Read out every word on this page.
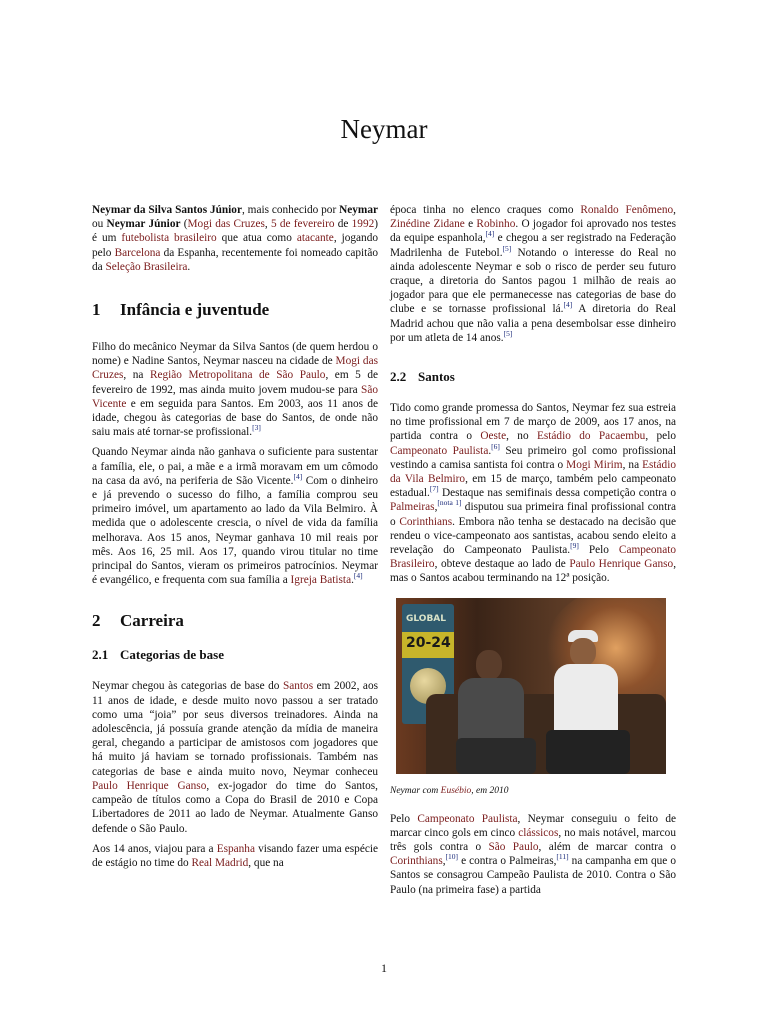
Neymar

Neymar da Silva Santos Júnior, mais conhecido por Neymar ou Neymar Júnior (Mogi das Cruzes, 5 de fevereiro de 1992) é um futebolista brasileiro que atua como atacante, jogando pelo Barcelona da Espanha, recentemente foi nomeado capitão da Seleção Brasileira.

1 Infância e juventude

Filho do mecânico Neymar da Silva Santos (de quem herdou o nome) e Nadine Santos, Neymar nasceu na cidade de Mogi das Cruzes, na Região Metropolitana de São Paulo, em 5 de fevereiro de 1992, mas ainda muito jovem mudou-se para São Vicente e em seguida para Santos. Em 2003, aos 11 anos de idade, chegou às categorias de base do Santos, de onde não saiu mais até tornar-se profissional.[3]

Quando Neymar ainda não ganhava o suficiente para sustentar a família, ele, o pai, a mãe e a irmã moravam em um cômodo na casa da avó, na periferia de São Vicente.[4] Com o dinheiro e já prevendo o sucesso do filho, a família comprou seu primeiro imóvel, um apartamento ao lado da Vila Belmiro. À medida que o adolescente crescia, o nível de vida da família melhorava. Aos 15 anos, Neymar ganhava 10 mil reais por mês. Aos 16, 25 mil. Aos 17, quando virou titular no time principal do Santos, vieram os primeiros patrocínios. Neymar é evangélico, e frequenta com sua família a Igreja Batista.[4]

2 Carreira
2.1 Categorias de base

Neymar chegou às categorias de base do Santos em 2002, aos 11 anos de idade, e desde muito novo passou a ser tratado como uma “joia” por seus diversos treinadores. Ainda na adolescência, já possuía grande atenção da mídia de maneira geral, chegando a participar de amistosos com jogadores que há muito já haviam se tornado profissionais. Também nas categorias de base e ainda muito novo, Neymar conheceu Paulo Henrique Ganso, ex-jogador do time do Santos, campeão de títulos como a Copa do Brasil de 2010 e Copa Libertadores de 2011 ao lado de Neymar. Atualmente Ganso defende o São Paulo.

Aos 14 anos, viajou para a Espanha visando fazer uma espécie de estágio no time do Real Madrid, que na

época tinha no elenco craques como Ronaldo Fenômeno, Zinédine Zidane e Robinho. O jogador foi aprovado nos testes da equipe espanhola,[4] e chegou a ser registrado na Federação Madrilenha de Futebol.[5] Notando o interesse do Real no ainda adolescente Neymar e sob o risco de perder seu futuro craque, a diretoria do Santos pagou 1 milhão de reais ao jogador para que ele permanecesse nas categorias de base do clube e se tornasse profissional lá.[4] A diretoria do Real Madrid achou que não valia a pena desembolsar esse dinheiro por um atleta de 14 anos.[5]

2.2 Santos

Tido como grande promessa do Santos, Neymar fez sua estreia no time profissional em 7 de março de 2009, aos 17 anos, na partida contra o Oeste, no Estádio do Pacaembu, pelo Campeonato Paulista.[6] Seu primeiro gol como profissional vestindo a camisa santista foi contra o Mogi Mirim, na Estádio da Vila Belmiro, em 15 de março, também pelo campeonato estadual.[7] Destaque nas semifinais dessa competição contra o Palmeiras,[nota 1] disputou sua primeira final profissional contra o Corinthians. Embora não tenha se destacado na decisão que rendeu o vice-campeonato aos santistas, acabou sendo eleito a revelação do Campeonato Paulista.[9] Pelo Campeonato Brasileiro, obteve destaque ao lado de Paulo Henrique Ganso, mas o Santos acabou terminando na 12ª posição.

GLOBAL
20-24
Neymar com Eusébio, em 2010

Pelo Campeonato Paulista, Neymar conseguiu o feito de marcar cinco gols em cinco clássicos, no mais notável, marcou três gols contra o São Paulo, além de marcar contra o Corinthians,[10] e contra o Palmeiras,[11] na campanha em que o Santos se consagrou Campeão Paulista de 2010. Contra o São Paulo (na primeira fase) a partida

1
